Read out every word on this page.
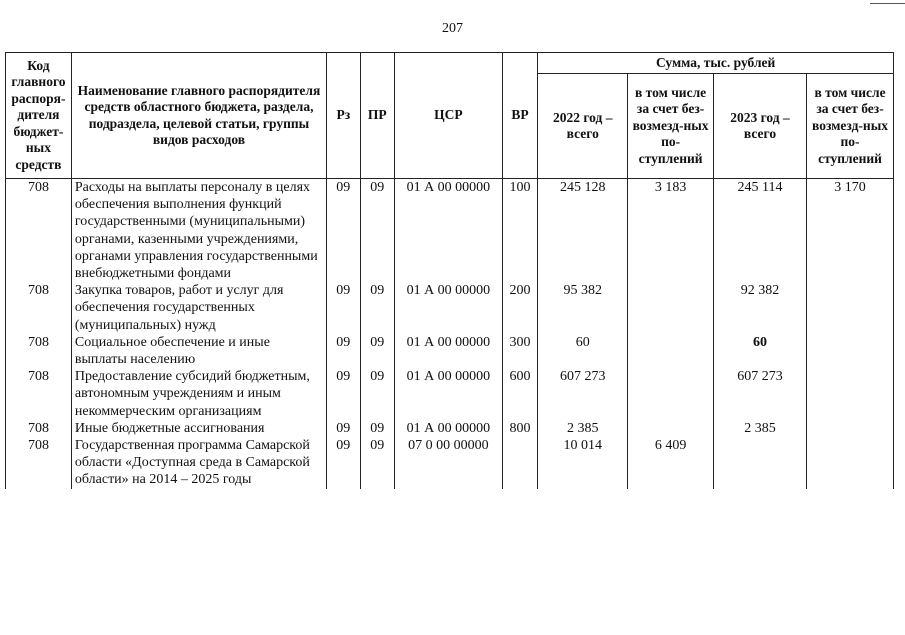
207
Код главного распоря-дителя бюджет-ных средств	Наименование главного распорядителя средств областного бюджета, раздела, подраздела, целевой статьи, группы видов расходов	Рз	ПР	ЦСР	ВР	Сумма, тыс. рублей			
						2022 год – всего	в том числе за счет без-возмезд-ных по-ступлений	2023 год – всего	в том числе за счет без-возмезд-ных по-ступлений
708	Расходы на выплаты персоналу в целях обеспечения выполнения функций государственными (муниципальными) органами, казенными учреждениями, органами управления государственными внебюджетными фондами	09	09	01 А 00 00000	100	245 128	3 183	245 114	3 170
708	Закупка товаров, работ и услуг для обеспечения государственных (муниципальных) нужд	09	09	01 А 00 00000	200	95 382		92 382	
708	Социальное обеспечение и иные выплаты населению	09	09	01 А 00 00000	300	60		60	
708	Предоставление субсидий бюджетным, автономным учреждениям и иным некоммерческим организациям	09	09	01 А 00 00000	600	607 273		607 273	
708	Иные бюджетные ассигнования	09	09	01 А 00 00000	800	2 385		2 385	
708	Государственная программа Самарской области «Доступная среда в Самарской области» на 2014 – 2025 годы	09	09	07 0 00 00000		10 014	6 409		
